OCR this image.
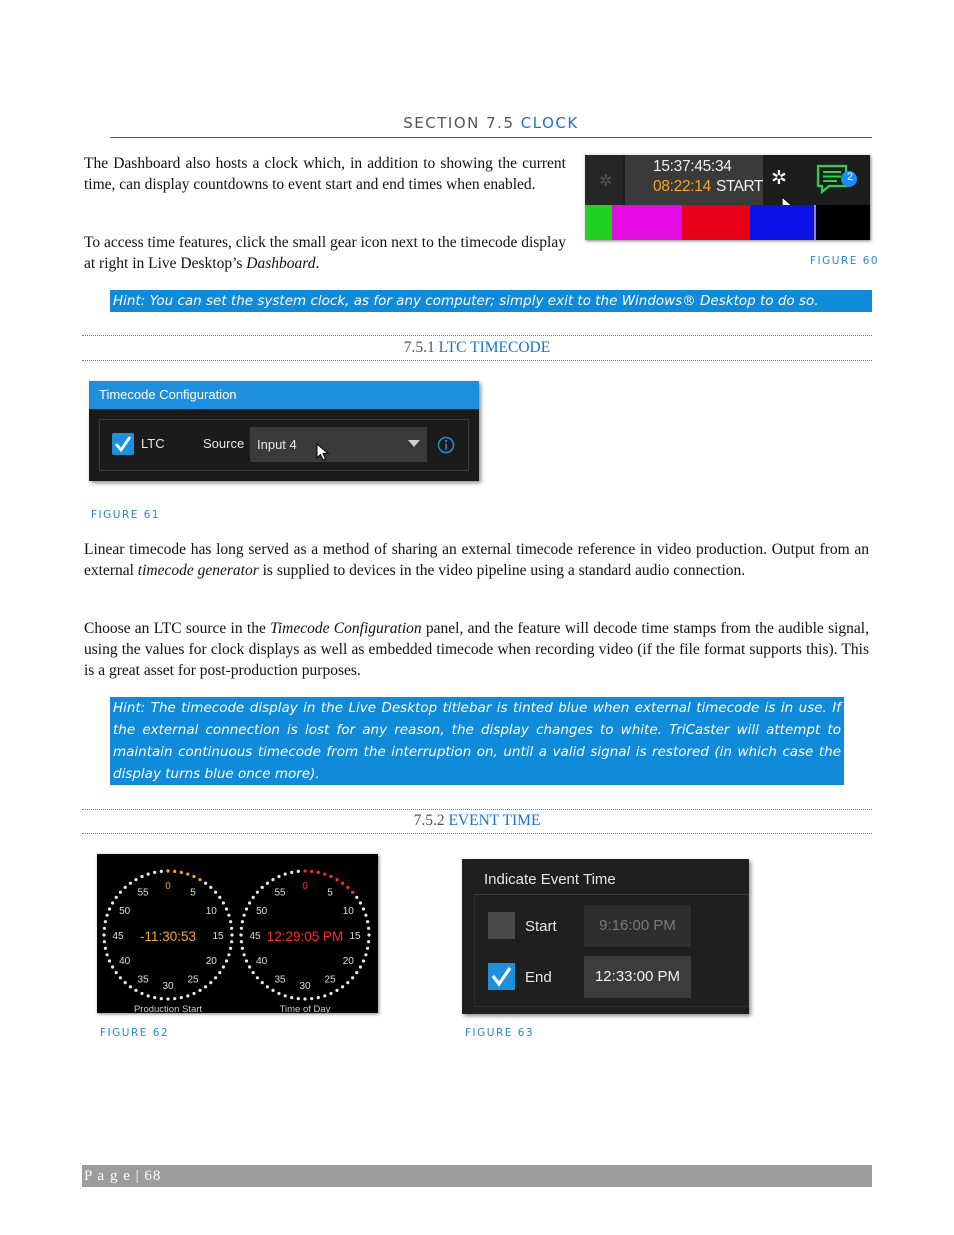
SECTION 7.5 CLOCK
The Dashboard also hosts a clock which, in addition to showing the current time, can display countdowns to event start and end times when enabled.
To access time features, click the small gear icon next to the timecode display at right in Live Desktop’s Dashboard.
✲
15:37:45:34
08:22:14 START ✲	2
FIGURE 60
Hint: You can set the system clock, as for any computer; simply exit to the Windows® Desktop to do so.
7.5.1 LTC TIMECODE
Timecode Configuration
LTC	Source Input 4
FIGURE 61
Linear timecode has long served as a method of sharing an external timecode reference in video production. Output from an external timecode generator is supplied to devices in the video pipeline using a standard audio connection.
Choose an LTC source in the Timecode Configuration panel, and the feature will decode time stamps from the audible signal, using the values for clock displays as well as embedded timecode when recording video (if the file format supports this). This is a great asset for post-production purposes.
Hint: The timecode display in the Live Desktop titlebar is tinted blue when external timecode is in use. If the external connection is lost for any reason, the display changes to white. TriCaster will attempt to maintain continuous timecode from the interruption on, until a valid signal is restored (in which case the display turns blue once more).
7.5.2 EVENT TIME
0
5
10
15
20
25
30
35
40
45
50
55
-11:30:53
Production Start
0
5
10
15
20
25
30
35
40
45
50
55
12:29:05 PM
Time of Day
FIGURE 62
Indicate Event Time
Start	9:16:00 PM
End	12:33:00 PM
FIGURE 63
P a g e | 68
